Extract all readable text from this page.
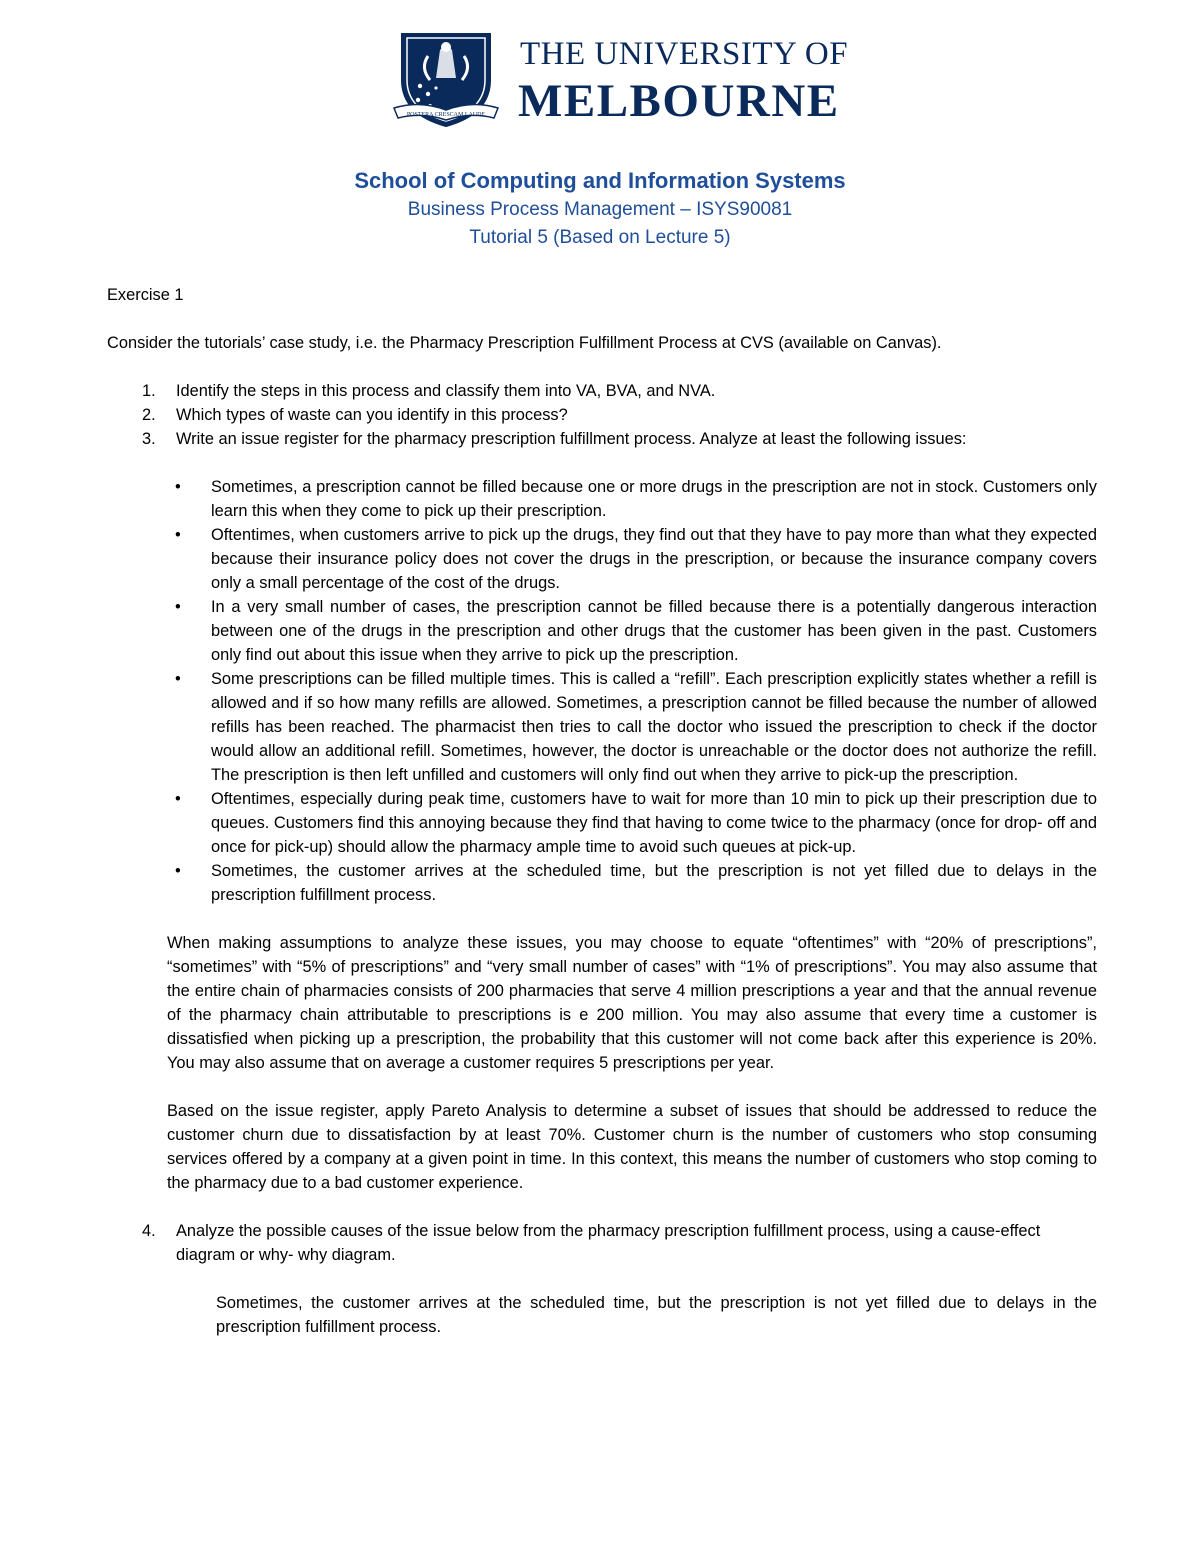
POSTERA CRESCAM LAUDE
THE UNIVERSITY OF
MELBOURNE
School of Computing and Information Systems
Business Process Management – ISYS90081
Tutorial 5 (Based on Lecture 5)
Exercise 1
Consider the tutorials’ case study, i.e. the Pharmacy Prescription Fulfillment Process at CVS (available on Canvas).
1. Identify the steps in this process and classify them into VA, BVA, and NVA.
2. Which types of waste can you identify in this process?
3. Write an issue register for the pharmacy prescription fulfillment process. Analyze at least the following issues:
• Sometimes, a prescription cannot be filled because one or more drugs in the prescription are not in stock. Customers only learn this when they come to pick up their prescription.
• Oftentimes, when customers arrive to pick up the drugs, they find out that they have to pay more than what they expected because their insurance policy does not cover the drugs in the prescription, or because the insurance company covers only a small percentage of the cost of the drugs.
• In a very small number of cases, the prescription cannot be filled because there is a potentially dangerous interaction between one of the drugs in the prescription and other drugs that the customer has been given in the past. Customers only find out about this issue when they arrive to pick up the prescription.
• Some prescriptions can be filled multiple times. This is called a “refill”. Each prescription explicitly states whether a refill is allowed and if so how many refills are allowed. Sometimes, a prescription cannot be filled because the number of allowed refills has been reached. The pharmacist then tries to call the doctor who issued the prescription to check if the doctor would allow an additional refill. Sometimes, however, the doctor is unreachable or the doctor does not authorize the refill. The prescription is then left unfilled and customers will only find out when they arrive to pick-up the prescription.
• Oftentimes, especially during peak time, customers have to wait for more than 10 min to pick up their prescription due to queues. Customers find this annoying because they find that having to come twice to the pharmacy (once for drop- off and once for pick-up) should allow the pharmacy ample time to avoid such queues at pick-up.
• Sometimes, the customer arrives at the scheduled time, but the prescription is not yet filled due to delays in the prescription fulfillment process.
When making assumptions to analyze these issues, you may choose to equate “oftentimes” with “20% of prescriptions”, “sometimes” with “5% of prescriptions” and “very small number of cases” with “1% of prescriptions”. You may also assume that the entire chain of pharmacies consists of 200 pharmacies that serve 4 million prescriptions a year and that the annual revenue of the pharmacy chain attributable to prescriptions is e 200 million. You may also assume that every time a customer is dissatisfied when picking up a prescription, the probability that this customer will not come back after this experience is 20%. You may also assume that on average a customer requires 5 prescriptions per year.
Based on the issue register, apply Pareto Analysis to determine a subset of issues that should be addressed to reduce the customer churn due to dissatisfaction by at least 70%. Customer churn is the number of customers who stop consuming services offered by a company at a given point in time. In this context, this means the number of customers who stop coming to the pharmacy due to a bad customer experience.
4. Analyze the possible causes of the issue below from the pharmacy prescription fulfillment process, using a cause-effect diagram or why- why diagram.
Sometimes, the customer arrives at the scheduled time, but the prescription is not yet filled due to delays in the prescription fulfillment process.
